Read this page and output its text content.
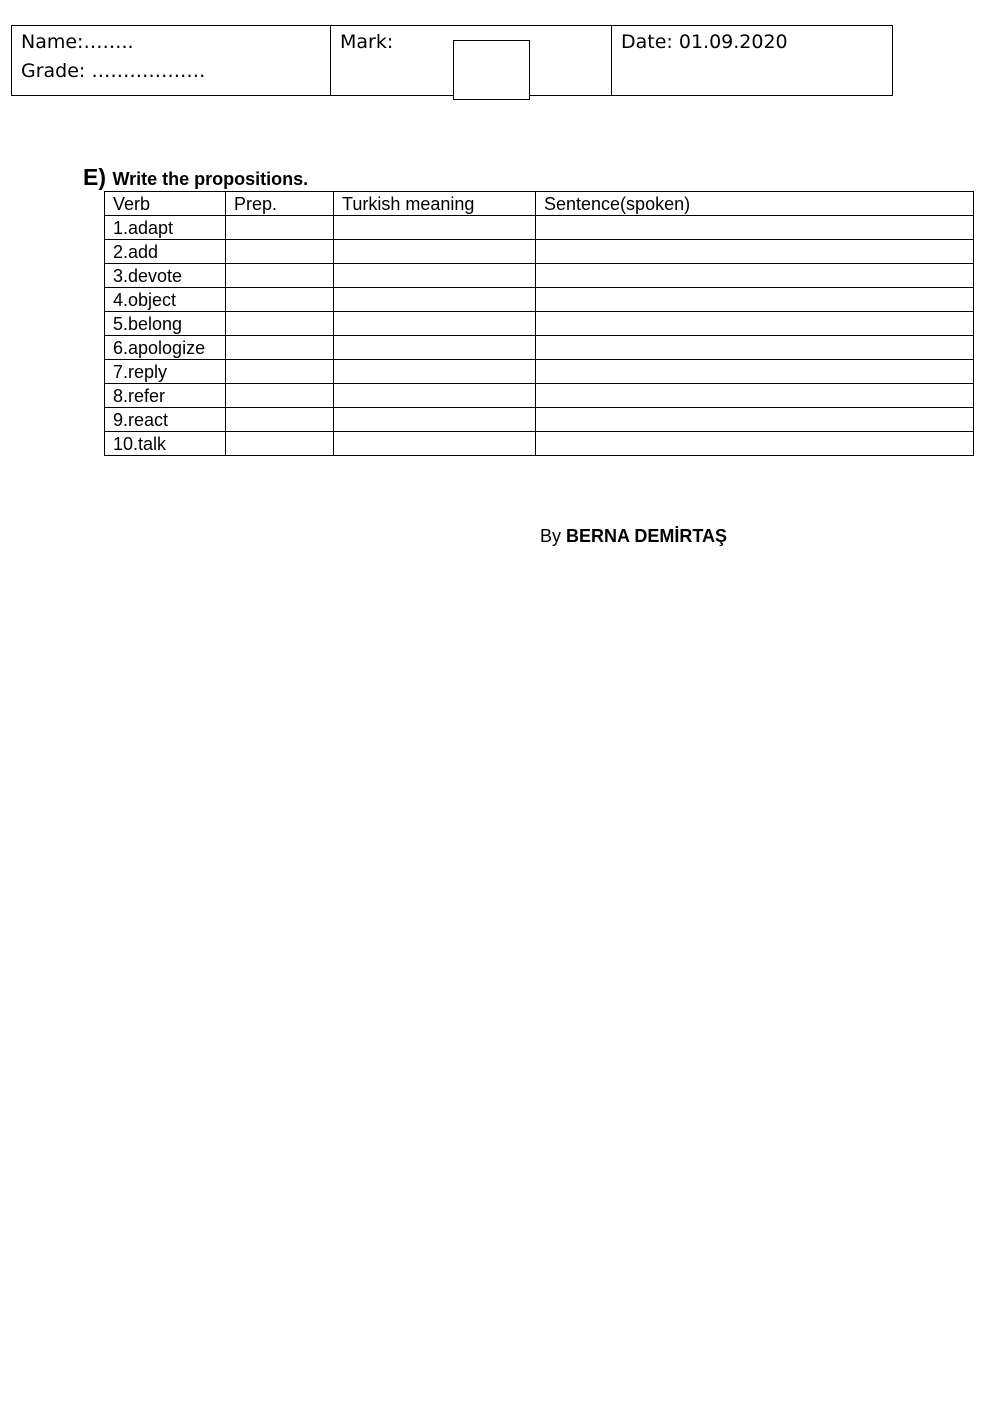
Name:……..
Grade: ………………

Mark:	Date: 01.09.2020
E) Write the propositions.
Verb	Prep.	Turkish meaning	Sentence(spoken)
1.adapt			
2.add			
3.devote			
4.object			
5.belong			
6.apologize			
7.reply			
8.refer			
9.react			
10.talk			
By BERNA DEMİRTAŞ
